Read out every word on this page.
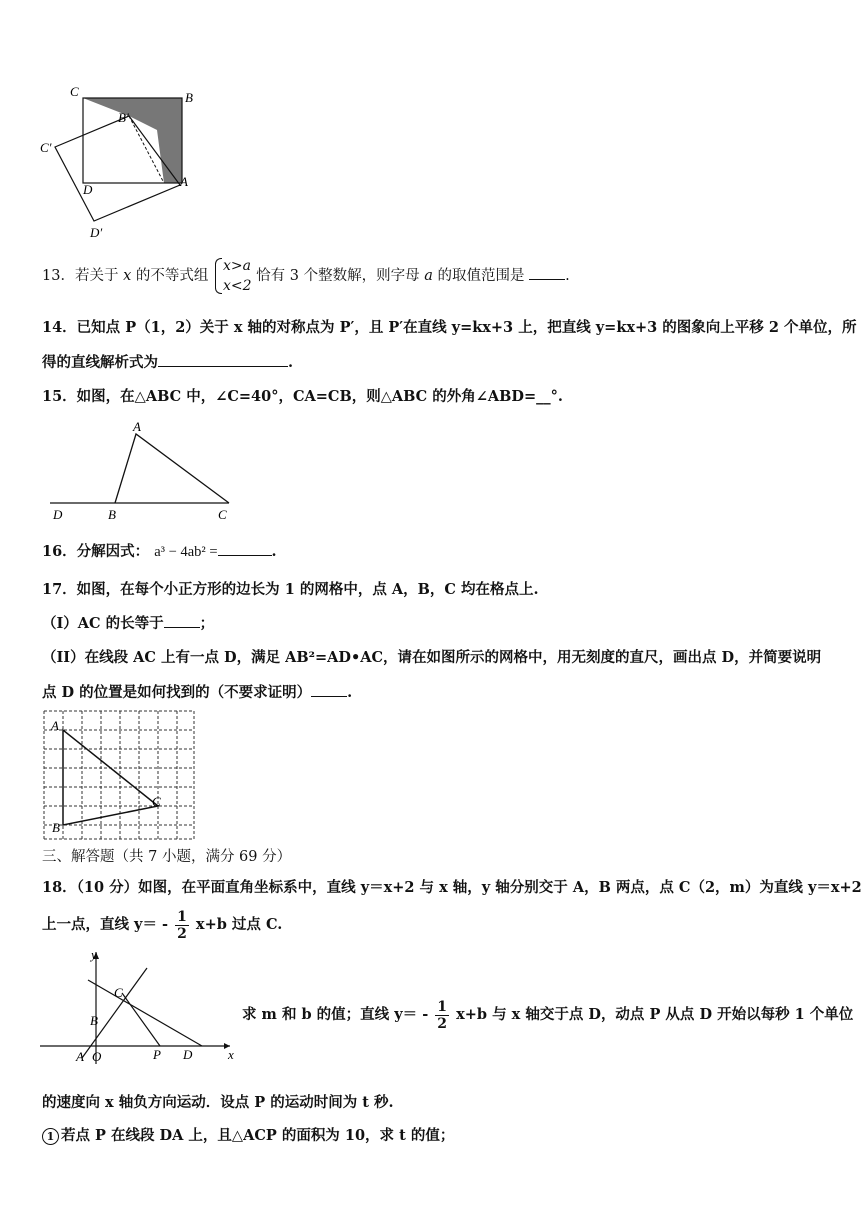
C	B
B′
C′
D
A
D′
13．若关于 x 的不等式组
x>a
x<2
恰有 3 个整数解，则字母 a 的取值范围是	.
14．已知点 P（1，2）关于 x 轴的对称点为 P′，且 P′在直线 y=kx+3 上，把直线 y=kx+3 的图象向上平移 2 个单位，所
得的直线解析式为	.
15．如图，在△ABC 中，∠C=40°，CA=CB，则△ABC 的外角∠ABD=__°.
A
D	B	C
16．分解因式： a³ − 4ab² =	.
17．如图，在每个小正方形的边长为 1 的网格中，点 A，B，C 均在格点上.
（I）AC 的长等于 ；
（II）在线段 AC 上有一点 D，满足 AB²=AD•AC，请在如图所示的网格中，用无刻度的直尺，画出点 D，并简要说明
点 D 的位置是如何找到的（不要求证明） .
A
B
C
三、解答题（共 7 小题，满分 69 分）
18．（10 分）如图，在平面直角坐标系中，直线 y＝x+2 与 x 轴，y 轴分别交于 A，B 两点，点 C（2，m）为直线 y＝x+2
上一点，直线 $y= - \frac{1}{2} x+b$ 过点 C.
y
C
B
A O	P D	x
求 m 和 b 的值；直线 $y= - \frac{1}{2} x+b$ 与 x 轴交于点 D，动点 P 从点 D 开始以每秒 1 个单位
的速度向 x 轴负方向运动．设点 P 的运动时间为 t 秒.
1 若点 P 在线段 DA 上，且△ACP 的面积为 10，求 t 的值；
